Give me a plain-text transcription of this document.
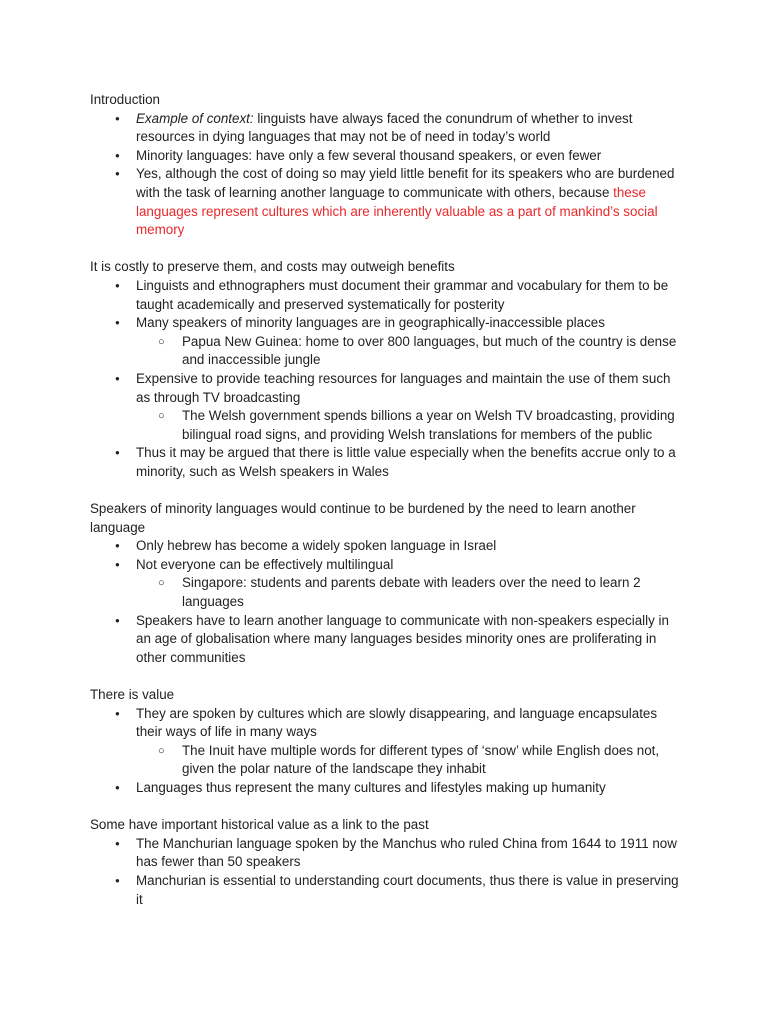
Introduction

● Example of context: linguists have always faced the conundrum of whether to invest resources in dying languages that may not be of need in today’s world
● Minority languages: have only a few several thousand speakers, or even fewer
● Yes, although the cost of doing so may yield little benefit for its speakers who are burdened with the task of learning another language to communicate with others, because these languages represent cultures which are inherently valuable as a part of mankind’s social memory

It is costly to preserve them, and costs may outweigh benefits

● Linguists and ethnographers must document their grammar and vocabulary for them to be taught academically and preserved systematically for posterity
● Many speakers of minority languages are in geographically-inaccessible places
○ Papua New Guinea: home to over 800 languages, but much of the country is dense and inaccessible jungle
● Expensive to provide teaching resources for languages and maintain the use of them such as through TV broadcasting
○ The Welsh government spends billions a year on Welsh TV broadcasting, providing bilingual road signs, and providing Welsh translations for members of the public
● Thus it may be argued that there is little value especially when the benefits accrue only to a minority, such as Welsh speakers in Wales

Speakers of minority languages would continue to be burdened by the need to learn another language

● Only hebrew has become a widely spoken language in Israel
● Not everyone can be effectively multilingual
○ Singapore: students and parents debate with leaders over the need to learn 2 languages
● Speakers have to learn another language to communicate with non-speakers especially in an age of globalisation where many languages besides minority ones are proliferating in other communities

There is value

● They are spoken by cultures which are slowly disappearing, and language encapsulates their ways of life in many ways
○ The Inuit have multiple words for different types of ‘snow’ while English does not, given the polar nature of the landscape they inhabit
● Languages thus represent the many cultures and lifestyles making up humanity

Some have important historical value as a link to the past

● The Manchurian language spoken by the Manchus who ruled China from 1644 to 1911 now has fewer than 50 speakers
● Manchurian is essential to understanding court documents, thus there is value in preserving it
